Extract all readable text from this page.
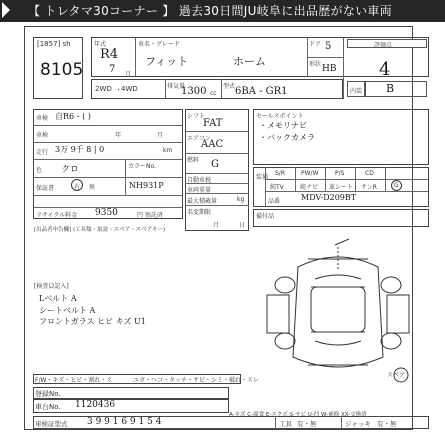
【 トレタマ30コーナー 】 過去30日間JU岐阜に出品歴がない車両
[1857] sh
8105
年式
R4
7 月
車名・グレード
フィット	ホーム
ドア 5
形状 HB
評価点
4
内装 B
2WD ・ 4WD	排気量
1300 cc
型式 6BA - GR1
車検 自R6・( )
車検	年	月
走行 3万 9千 8 | 0	km
色 クロ	カラーNo.
NH931P
保証書	有 無
リサイクル料金 9350	円 預託済
[出品者申告欄] (工具類・取説・スペア・スペアキー)
シフト
FAT
エアコン
AAC
燃料 G
自動車税
車両重量
最大積載量	kg
名変期限
月	日
セールスポイント
・メモリナビ
・バックカメラ
装備
S/R	PW/W	P/S	CD
純TV	純ナビ 革シート サンR	G
品番	MDV-D209BT
備付品
[検査員記入]
Lベルト A
シートベルト A
フロントガラス ヒビ キズ U1
スペア
F/W・キズ・ヒビ・割れ・ス	ユガ・ヘコ・タッチ・サビ・シミ・破れ・スレ
登録No.
車台No. 1120436
A-キズ C-腐食 E-エクボ S-サビ U-凹 W-補修 XX-交換済
車検証型式 3 9 9 1 6 9 1 5 4	工具 有・無	ジャッキ 有・無
